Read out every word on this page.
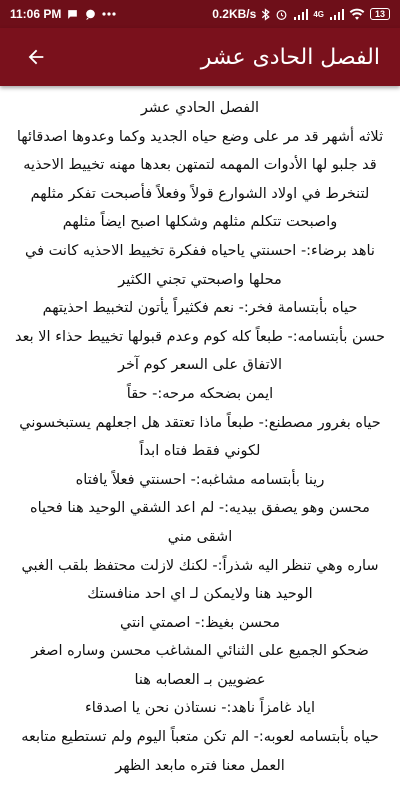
11:06 PM	0.2KB/s	4G	13
الفصل الحادى عشر

الفصل الحادي عشر

ثلاثه أشهر قد مر على وضع حياه الجديد وكما وعدوها اصدقائها قد جلبو لها الأدوات المهمه لتمتهن بعدها مهنه تخييط الاحذيه لتنخرط في اولاد الشوارع قولاً وفعلاً فأصبحت تفكر مثلهم واصبحت تتكلم مثلهم وشكلها اصبح ايضاً مثلهم

ناهد برضاء:- احسنتي ياحياه ففكرة تخييط الاحذيه كانت في محلها واصبحتي تجني الكثير

حياه بأبتسامة فخر:- نعم فكثيراً يأتون لتخبيط احذيتهم

حسن بأبتسامه:- طبعاً كله كوم وعدم قبولها تخييط حذاء الا بعد الاتفاق على السعر كوم آخر

ايمن بضحكه مرحه:- حقاً

حياه بغرور مصطنع:- طبعاً ماذا تعتقد هل اجعلهم يستبخسوني لكوني فقط فتاه ابداً

رينا بأبتسامه مشاغبه:- احسنتي فعلاً يافتاه

محسن وهو يصفق بيديه:- لم اعد الشقي الوحيد هنا فحياه اشقى مني

ساره وهي تنظر اليه شذراً:- لكنك لازلت محتفظ بلقب الغبي الوحيد هنا ولايمكن لـ اي احد منافستك

محسن بغيظ:- اصمتي انتي

ضحكو الجميع على الثنائي المشاغب محسن وساره اصغر عضويين بـ العصابه هنا

اياد غامزاً ناهد:- نستاذن نحن يا اصدقاء

حياه بأبتسامه لعوبه:- الم تكن متعباً اليوم ولم تستطيع متابعه العمل معنا فتره مابعد الظهر
